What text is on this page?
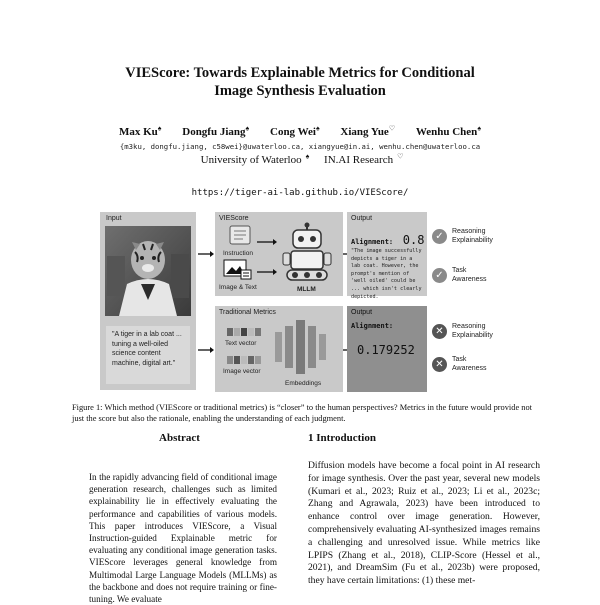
VIEScore: Towards Explainable Metrics for Conditional
Image Synthesis Evaluation
Max Ku♠ Dongfu Jiang♠ Cong Wei♠ Xiang Yue♡ Wenhu Chen♠
{m3ku, dongfu.jiang, c58wei}@uwaterloo.ca, xiangyue@in.ai, wenhu.chen@uwaterloo.ca
University of Waterloo ♠ IN.AI Research ♡
https://tiger-ai-lab.github.io/VIEScore/
Input
"A tiger in a lab coat ... tuning a well-oiled science content machine, digital art."
VIEScore
Instruction
Image & Text	MLLM
Output
Alignment: 0.8
"The image successfully depicts a tiger in a lab coat. However, the prompt's mention of 'well oiled' could be ... which isn't clearly depicted.
✓	Reasoning
Explainability
✓	Task
Awareness
Traditional Metrics
Text vector
Image vector
Embeddings
Output
Alignment:
0.179252
✕	Reasoning
Explainability
✕	Task
Awareness
Figure 1: Which method (VIEScore or traditional metrics) is “closer” to the human perspectives? Metrics in the future would provide not just the score but also the rationale, enabling the understanding of each judgment.
Abstract	1 Introduction
In the rapidly advancing field of conditional image generation research, challenges such as limited explainability lie in effectively evaluating the performance and capabilities of various models. This paper introduces VIEScore, a Visual Instruction-guided Explainable metric for evaluating any conditional image generation tasks. VIEScore leverages general knowledge from Multimodal Large Language Models (MLLMs) as the backbone and does not require training or fine-tuning. We evaluate
Diffusion models have become a focal point in AI research for image synthesis. Over the past year, several new models (Kumari et al., 2023; Ruiz et al., 2023; Li et al., 2023c; Zhang and Agrawala, 2023) have been introduced to enhance control over image generation. However, comprehensively evaluating AI-synthesized images remains a challenging and unresolved issue. While metrics like LPIPS (Zhang et al., 2018), CLIP-Score (Hessel et al., 2021), and DreamSim (Fu et al., 2023b) were proposed, they have certain limitations: (1) these met-
